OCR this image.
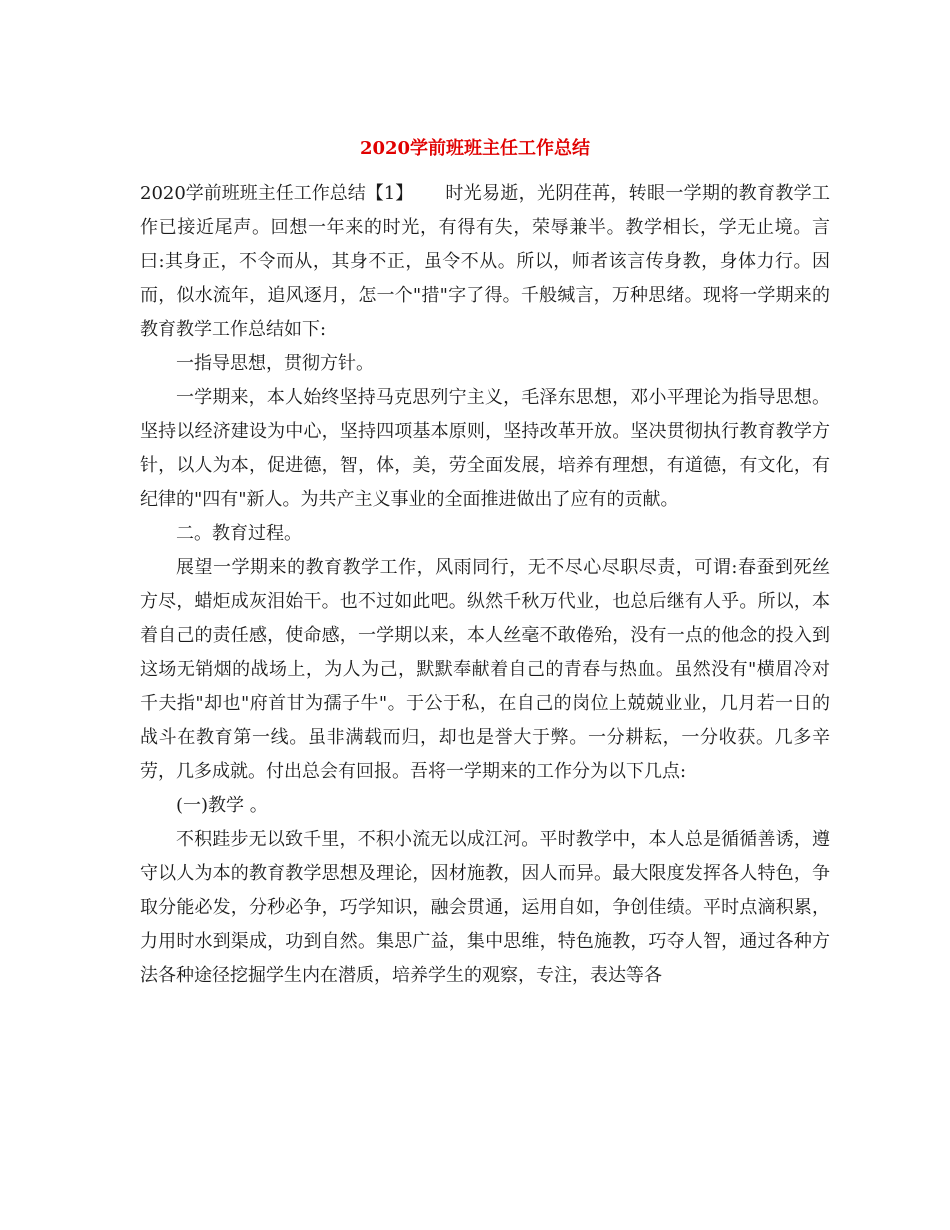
2020学前班班主任工作总结

2020学前班班主任工作总结【1】 时光易逝，光阴荏苒，转眼一学期的教育教学工作已接近尾声。回想一年来的时光，有得有失，荣辱兼半。教学相长，学无止境。言曰:其身正，不令而从，其身不正，虽令不从。所以，师者该言传身教，身体力行。因而，似水流年，追风逐月，怎一个"措"字了得。千般缄言，万种思绪。现将一学期来的教育教学工作总结如下:

一指导思想，贯彻方针。

一学期来，本人始终坚持马克思列宁主义，毛泽东思想，邓小平理论为指导思想。坚持以经济建设为中心，坚持四项基本原则，坚持改革开放。坚决贯彻执行教育教学方针，以人为本，促进德，智，体，美，劳全面发展，培养有理想，有道德，有文化，有纪律的"四有"新人。为共产主义事业的全面推进做出了应有的贡献。

二。教育过程。

展望一学期来的教育教学工作，风雨同行，无不尽心尽职尽责，可谓:春蚕到死丝方尽，蜡炬成灰泪始干。也不过如此吧。纵然千秋万代业，也总后继有人乎。所以，本着自己的责任感，使命感，一学期以来，本人丝毫不敢倦殆，没有一点的他念的投入到这场无销烟的战场上，为人为己，默默奉献着自己的青春与热血。虽然没有"横眉冷对千夫指"却也"府首甘为孺子牛"。于公于私，在自己的岗位上兢兢业业，几月若一日的战斗在教育第一线。虽非满载而归，却也是誉大于弊。一分耕耘，一分收获。几多辛劳，几多成就。付出总会有回报。吾将一学期来的工作分为以下几点:

(一)教学 。

不积跬步无以致千里，不积小流无以成江河。平时教学中，本人总是循循善诱，遵守以人为本的教育教学思想及理论，因材施教，因人而异。最大限度发挥各人特色，争取分能必发，分秒必争，巧学知识，融会贯通，运用自如，争创佳绩。平时点滴积累，力用时水到渠成，功到自然。集思广益，集中思维，特色施教，巧夺人智，通过各种方法各种途径挖掘学生内在潜质，培养学生的观察，专注，表达等各
